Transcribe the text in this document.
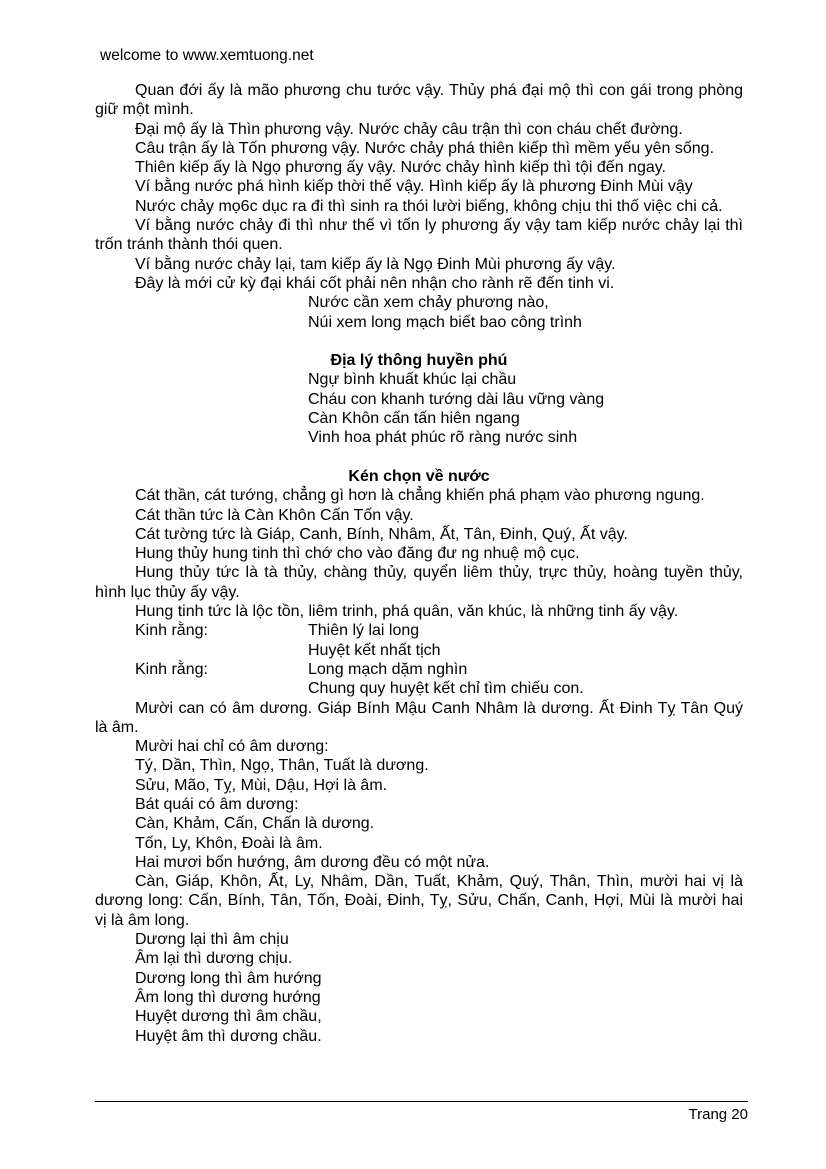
welcome to www.xemtuong.net

Quan đới ấy là mão phương chu tước vậy. Thủy phá đại mộ thì con gái trong phòng giữ một mình.

Đại mộ ấy là Thìn phương vậy. Nước chảy câu trận thì con cháu chết đường.

Câu trận ấy là Tốn phương vậy. Nước chảy phá thiên kiếp thì mềm yếu yên sống.

Thiên kiếp ấy là Ngọ phương ấy vậy. Nước chảy hình kiếp thì tội đến ngay.

Ví bằng nước phá hình kiếp thời thế vậy. Hình kiếp ấy là phương Đinh Mùi vậy

Nước chảy mọ6c dục ra đi thì sinh ra thói lười biếng, không chịu thi thố việc chi cả.

Ví bằng nước chảy đi thì như thế vì tốn ly phương ấy vậy tam kiếp nước chảy lại thì trốn tránh thành thói quen.

Ví bằng nước chảy lại, tam kiếp ấy là Ngọ Đinh Mùi phương ấy vậy.

Đây là mới cử kỳ đại khái cốt phải nên nhận cho rành rẽ đến tinh vi.

Nước cần xem chảy phương nào,
Núi xem long mạch biết bao công trình
Địa lý thông huyền phú
Ngự bình khuất khúc lại chầu
Cháu con khanh tướng dài lâu vững vàng
Càn Khôn cấn tấn hiên ngang
Vinh hoa phát phúc rõ ràng nước sinh
Kén chọn về nước

Cát thần, cát tướng, chẳng gì hơn là chẳng khiến phá phạm vào phương ngung.

Cát thần tức là Càn Khôn Cấn Tốn vậy.

Cát tường tức là Giáp, Canh, Bính, Nhâm, Ất, Tân, Đinh, Quý, Ất vậy.

Hung thủy hung tinh thì chớ cho vào đăng đư ng nhuệ mộ cục.

Hung thủy tức là tà thủy, chàng thủy, quyển liêm thủy, trực thủy, hoàng tuyền thủy, hình lục thủy ấy vậy.

Hung tinh tức là lộc tồn, liêm trinh, phá quân, văn khúc, là những tinh ấy vậy.

Kinh rằng:	Thiên lý lai long
Huyệt kết nhất tịch
Kinh rằng:	Long mạch dặm nghìn
Chung quy huyệt kết chỉ tìm chiếu con.

Mười can có âm dương. Giáp Bính Mậu Canh Nhâm là dương. Ất Đinh Tỵ Tân Quý là âm.

Mười hai chỉ có âm dương:

Tý, Dần, Thìn, Ngọ, Thân, Tuất là dương.

Sửu, Mão, Tỵ, Mùi, Dậu, Hợi là âm.

Bát quái có âm dương:

Càn, Khảm, Cấn, Chấn là dương.

Tốn, Ly, Khôn, Đoài là âm.

Hai mươi bốn hướng, âm dương đều có một nửa.

Càn, Giáp, Khôn, Ất, Ly, Nhâm, Dần, Tuất, Khảm, Quý, Thân, Thìn, mười hai vị là dương long: Cấn, Bính, Tân, Tốn, Đoài, Đinh, Tỵ, Sửu, Chấn, Canh, Hợi, Mùi là mười hai vị là âm long.

Dương lại thì âm chịu

Âm lại thì dương chịu.

Dương long thì âm hướng

Âm long thì dương hướng

Huyệt dương thì âm chầu,

Huyệt âm thì dương chầu.

Trang 20
